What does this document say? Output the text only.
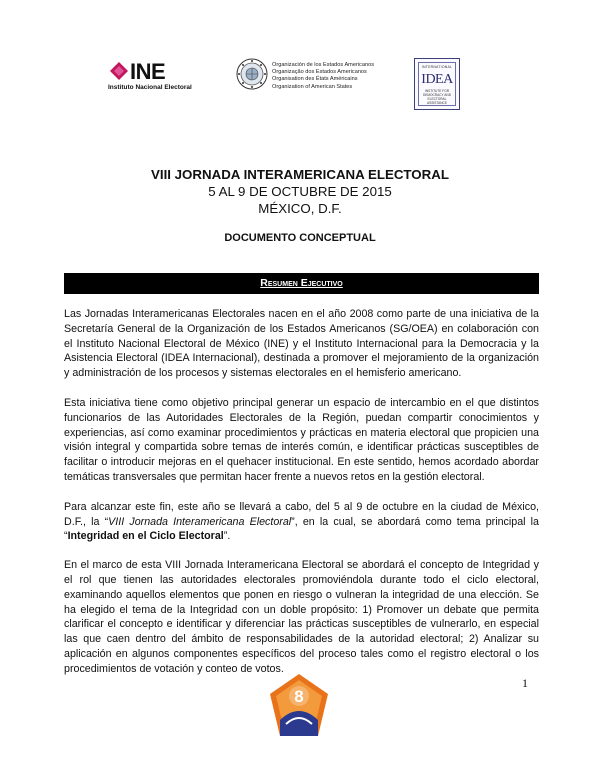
INE
Instituto Nacional Electoral
Organización de los Estados Americanos
Organização dos Estados Americanos
Organisation des États Américains
Organization of American States
INTERNATIONAL
IDEA
INSTITUTE FOR
DEMOCRACY AND
ELECTORAL
ASSISTANCE
VIII JORNADA INTERAMERICANA ELECTORAL
5 AL 9 DE OCTUBRE DE 2015
MÉXICO, D.F.
DOCUMENTO CONCEPTUAL
Resumen Ejecutivo

Las Jornadas Interamericanas Electorales nacen en el año 2008 como parte de una iniciativa de la Secretaría General de la Organización de los Estados Americanos (SG/OEA) en colaboración con el Instituto Nacional Electoral de México (INE) y el Instituto Internacional para la Democracia y la Asistencia Electoral (IDEA Internacional), destinada a promover el mejoramiento de la organización y administración de los procesos y sistemas electorales en el hemisferio americano.

Esta iniciativa tiene como objetivo principal generar un espacio de intercambio en el que distintos funcionarios de las Autoridades Electorales de la Región, puedan compartir conocimientos y experiencias, así como examinar procedimientos y prácticas en materia electoral que propicien una visión integral y compartida sobre temas de interés común, e identificar prácticas susceptibles de facilitar o introducir mejoras en el quehacer institucional. En este sentido, hemos acordado abordar temáticas transversales que permitan hacer frente a nuevos retos en la gestión electoral.

Para alcanzar este fin, este año se llevará a cabo, del 5 al 9 de octubre en la ciudad de México, D.F., la “VIII Jornada Interamericana Electoral”, en la cual, se abordará como tema principal la “Integridad en el Ciclo Electoral”.

En el marco de esta VIII Jornada Interamericana Electoral se abordará el concepto de Integridad y el rol que tienen las autoridades electorales promoviéndola durante todo el ciclo electoral, examinando aquellos elementos que ponen en riesgo o vulneran la integridad de una elección. Se ha elegido el tema de la Integridad con un doble propósito: 1) Promover un debate que permita clarificar el concepto e identificar y diferenciar las prácticas susceptibles de vulnerarlo, en especial las que caen dentro del ámbito de responsabilidades de la autoridad electoral; 2) Analizar su aplicación en algunos componentes específicos del proceso tales como el registro electoral o los procedimientos de votación y conteo de votos.

1
8
